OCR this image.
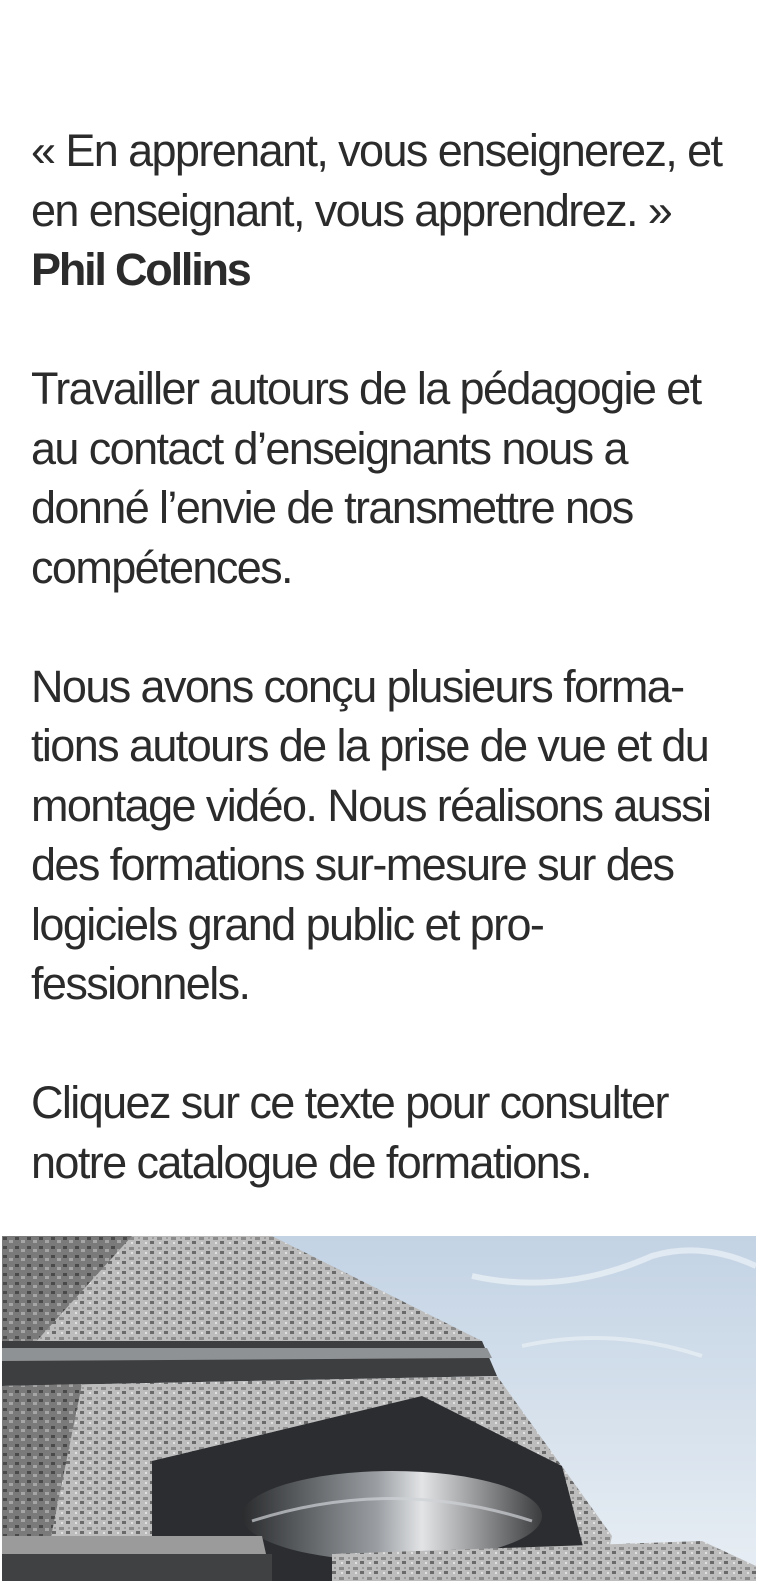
« En apprenant, vous enseignerez, et en enseignant, vous apprendrez. »

Phil Collins

Travailler autours de la pédagogie et au contact d’enseignants nous a donné l’envie de transmettre nos compétences.

Nous avons conçu plusieurs formations autours de la prise de vue et du montage vidéo. Nous réalisons aussi des formations sur-mesure sur des logiciels grand public et professionnels.

Cliquez sur ce texte pour consulter notre catalogue de formations.
